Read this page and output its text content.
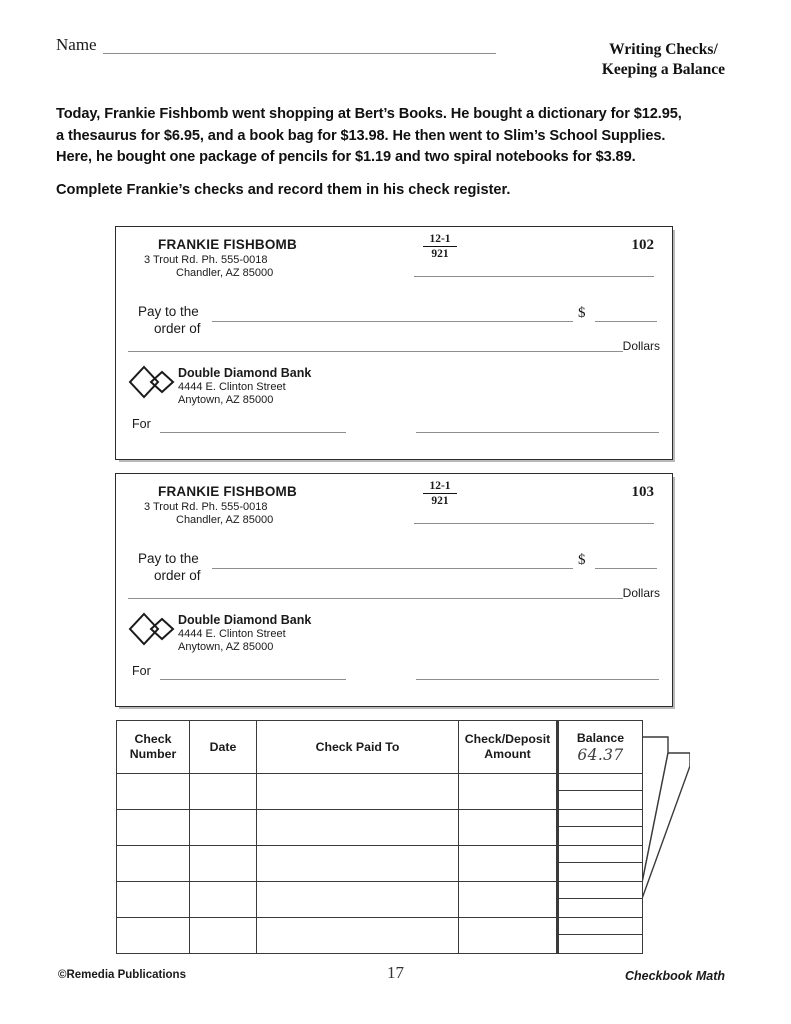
Name	Writing Checks/
Keeping a Balance
Today, Frankie Fishbomb went shopping at Bert’s Books. He bought a dictionary for $12.95,
a thesaurus for $6.95, and a book bag for $13.98. He then went to Slim’s School Supplies.
Here, he bought one package of pencils for $1.19 and two spiral notebooks for $3.89.
Complete Frankie’s checks and record them in his check register.
FRANKIE FISHBOMB
3 Trout Rd. Ph. 555-0018
Chandler, AZ 85000
$\frac{12-1}{921}$	102
Pay to the
order of
$
Dollars
Double Diamond Bank
4444 E. Clinton Street
Anytown, AZ 85000
For
FRANKIE FISHBOMB
3 Trout Rd. Ph. 555-0018
Chandler, AZ 85000
$\frac{12-1}{921}$	103
Pay to the
order of
$
Dollars
Double Diamond Bank
4444 E. Clinton Street
Anytown, AZ 85000
For
Check
Number	Date	Check Paid To	Check/Deposit
Amount	Balance
64.37

©Remedia Publications	17	Checkbook Math
